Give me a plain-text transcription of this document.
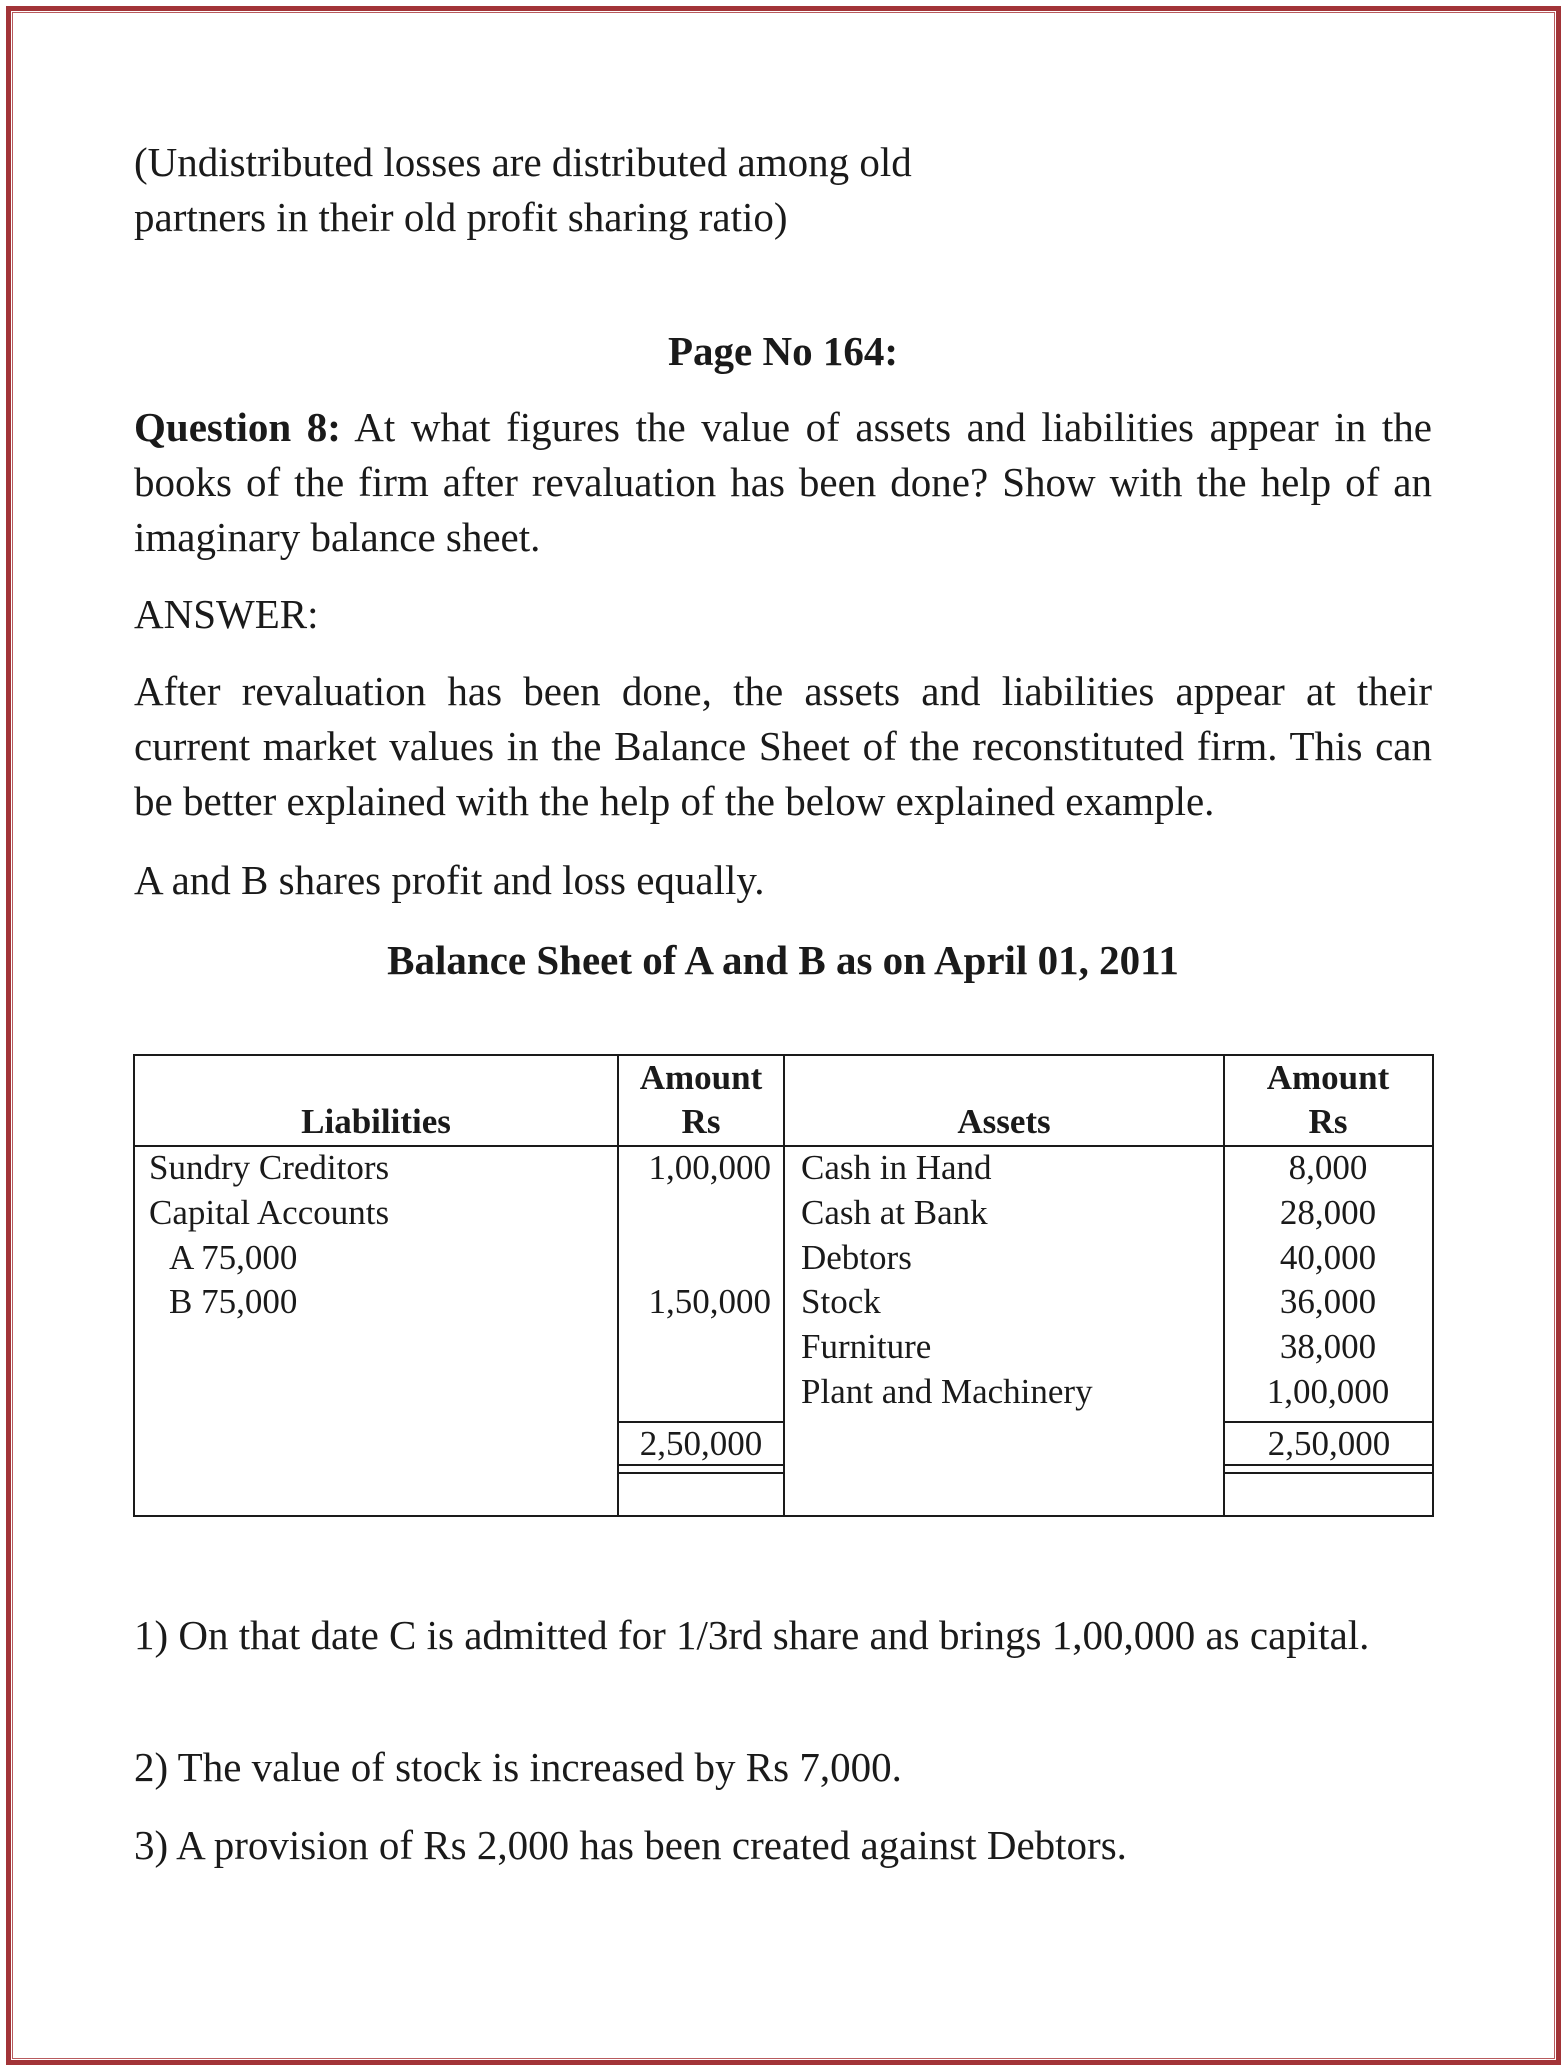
(Undistributed losses are distributed among old

partners in their old profit sharing ratio)

Page No 164:

Question 8: At what figures the value of assets and liabilities appear in the books of the firm after revaluation has been done? Show with the help of an imaginary balance sheet.

ANSWER:

After revaluation has been done, the assets and liabilities appear at their current market values in the Balance Sheet of the reconstituted firm. This can be better explained with the help of the below explained example.

A and B shares profit and loss equally.

Balance Sheet of A and B as on April 01, 2011

Liabilities
Amount
Rs	Assets
Amount
Rs
Sundry Creditors
Capital Accounts
A 75,000
B 75,000
1,00,000
1,50,000
Cash in Hand
Cash at Bank
Debtors
Stock
Furniture
Plant and Machinery
8,000
28,000
40,000
36,000
38,000
1,00,000
2,50,000	2,50,000

1) On that date C is admitted for 1/3rd share and brings 1,00,000 as capital.

2) The value of stock is increased by Rs 7,000.

3) A provision of Rs 2,000 has been created against Debtors.
